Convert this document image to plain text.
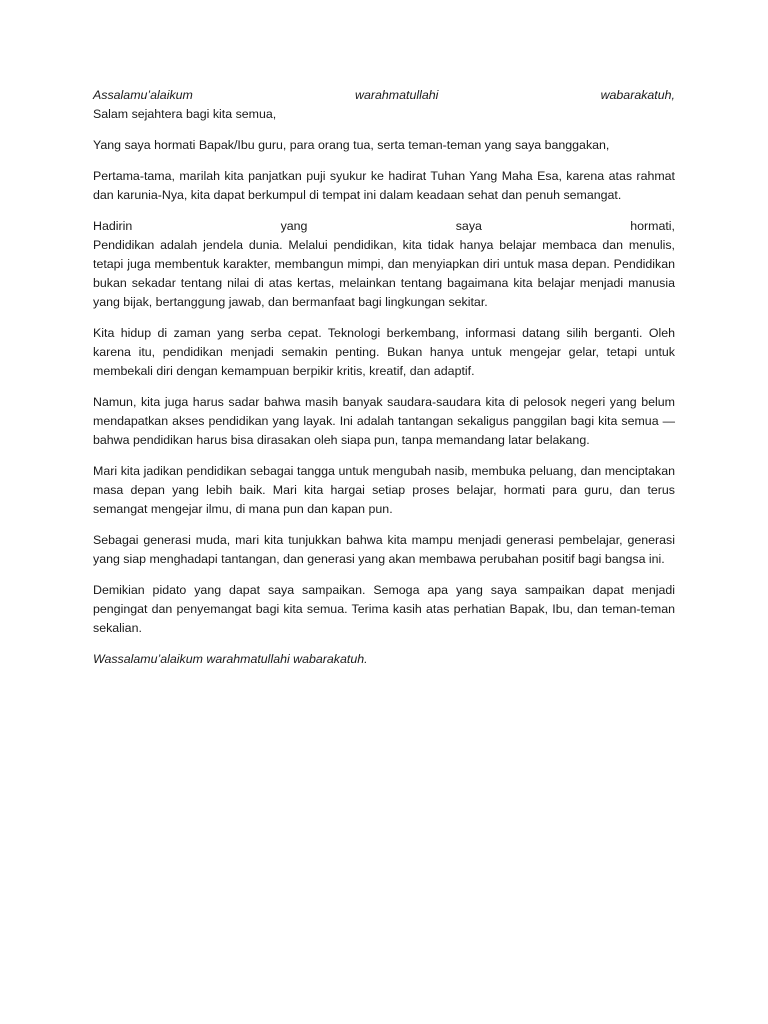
Assalamu’alaikum	warahmatullahi	wabarakatuh,

Salam sejahtera bagi kita semua,

Yang saya hormati Bapak/Ibu guru, para orang tua, serta teman-teman yang saya banggakan,

Pertama-tama, marilah kita panjatkan puji syukur ke hadirat Tuhan Yang Maha Esa, karena atas rahmat dan karunia-Nya, kita dapat berkumpul di tempat ini dalam keadaan sehat dan penuh semangat.

Hadirin	yang	saya	hormati,

Pendidikan adalah jendela dunia. Melalui pendidikan, kita tidak hanya belajar membaca dan menulis, tetapi juga membentuk karakter, membangun mimpi, dan menyiapkan diri untuk masa depan. Pendidikan bukan sekadar tentang nilai di atas kertas, melainkan tentang bagaimana kita belajar menjadi manusia yang bijak, bertanggung jawab, dan bermanfaat bagi lingkungan sekitar.

Kita hidup di zaman yang serba cepat. Teknologi berkembang, informasi datang silih berganti. Oleh karena itu, pendidikan menjadi semakin penting. Bukan hanya untuk mengejar gelar, tetapi untuk membekali diri dengan kemampuan berpikir kritis, kreatif, dan adaptif.

Namun, kita juga harus sadar bahwa masih banyak saudara-saudara kita di pelosok negeri yang belum mendapatkan akses pendidikan yang layak. Ini adalah tantangan sekaligus panggilan bagi kita semua — bahwa pendidikan harus bisa dirasakan oleh siapa pun, tanpa memandang latar belakang.

Mari kita jadikan pendidikan sebagai tangga untuk mengubah nasib, membuka peluang, dan menciptakan masa depan yang lebih baik. Mari kita hargai setiap proses belajar, hormati para guru, dan terus semangat mengejar ilmu, di mana pun dan kapan pun.

Sebagai generasi muda, mari kita tunjukkan bahwa kita mampu menjadi generasi pembelajar, generasi yang siap menghadapi tantangan, dan generasi yang akan membawa perubahan positif bagi bangsa ini.

Demikian pidato yang dapat saya sampaikan. Semoga apa yang saya sampaikan dapat menjadi pengingat dan penyemangat bagi kita semua. Terima kasih atas perhatian Bapak, Ibu, dan teman-teman sekalian.

Wassalamu’alaikum warahmatullahi wabarakatuh.
